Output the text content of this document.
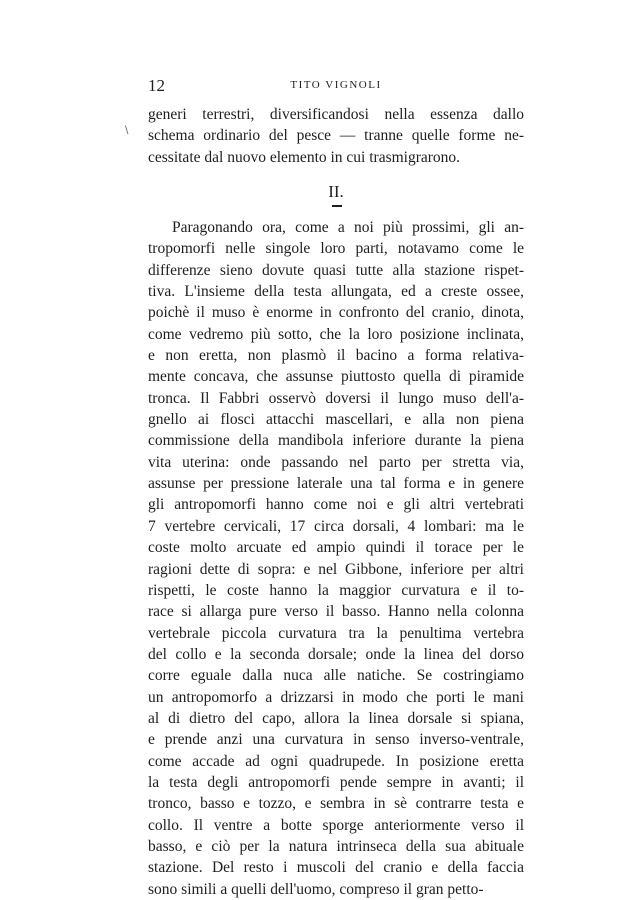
12	TITO VIGNOLI
\
generi terrestri, diversificandosi nella essenza dallo
schema ordinario del pesce — tranne quelle forme ne-
cessitate dal nuovo elemento in cui trasmigrarono.
II.
Paragonando ora, come a noi più prossimi, gli an-
tropomorfi nelle singole loro parti, notavamo come le
differenze sieno dovute quasi tutte alla stazione rispet-
tiva. L'insieme della testa allungata, ed a creste ossee,
poichè il muso è enorme in confronto del cranio, dinota,
come vedremo più sotto, che la loro posizione inclinata,
e non eretta, non plasmò il bacino a forma relativa-
mente concava, che assunse piuttosto quella di piramide
tronca. Il Fabbri osservò doversi il lungo muso dell'a-
gnello ai flosci attacchi mascellari, e alla non piena
commissione della mandibola inferiore durante la piena
vita uterina: onde passando nel parto per stretta via,
assunse per pressione laterale una tal forma e in genere
gli antropomorfi hanno come noi e gli altri vertebrati
7 vertebre cervicali, 17 circa dorsali, 4 lombari: ma le
coste molto arcuate ed ampio quindi il torace per le
ragioni dette di sopra: e nel Gibbone, inferiore per altri
rispetti, le coste hanno la maggior curvatura e il to-
race si allarga pure verso il basso. Hanno nella colonna
vertebrale piccola curvatura tra la penultima vertebra
del collo e la seconda dorsale; onde la linea del dorso
corre eguale dalla nuca alle natiche. Se costringiamo
un antropomorfo a drizzarsi in modo che porti le mani
al di dietro del capo, allora la linea dorsale si spiana,
e prende anzi una curvatura in senso inverso-ventrale,
come accade ad ogni quadrupede. In posizione eretta
la testa degli antropomorfi pende sempre in avanti; il
tronco, basso e tozzo, e sembra in sè contrarre testa e
collo. Il ventre a botte sporge anteriormente verso il
basso, e ciò per la natura intrinseca della sua abituale
stazione. Del resto i muscoli del cranio e della faccia
sono simili a quelli dell'uomo, compreso il gran petto-
